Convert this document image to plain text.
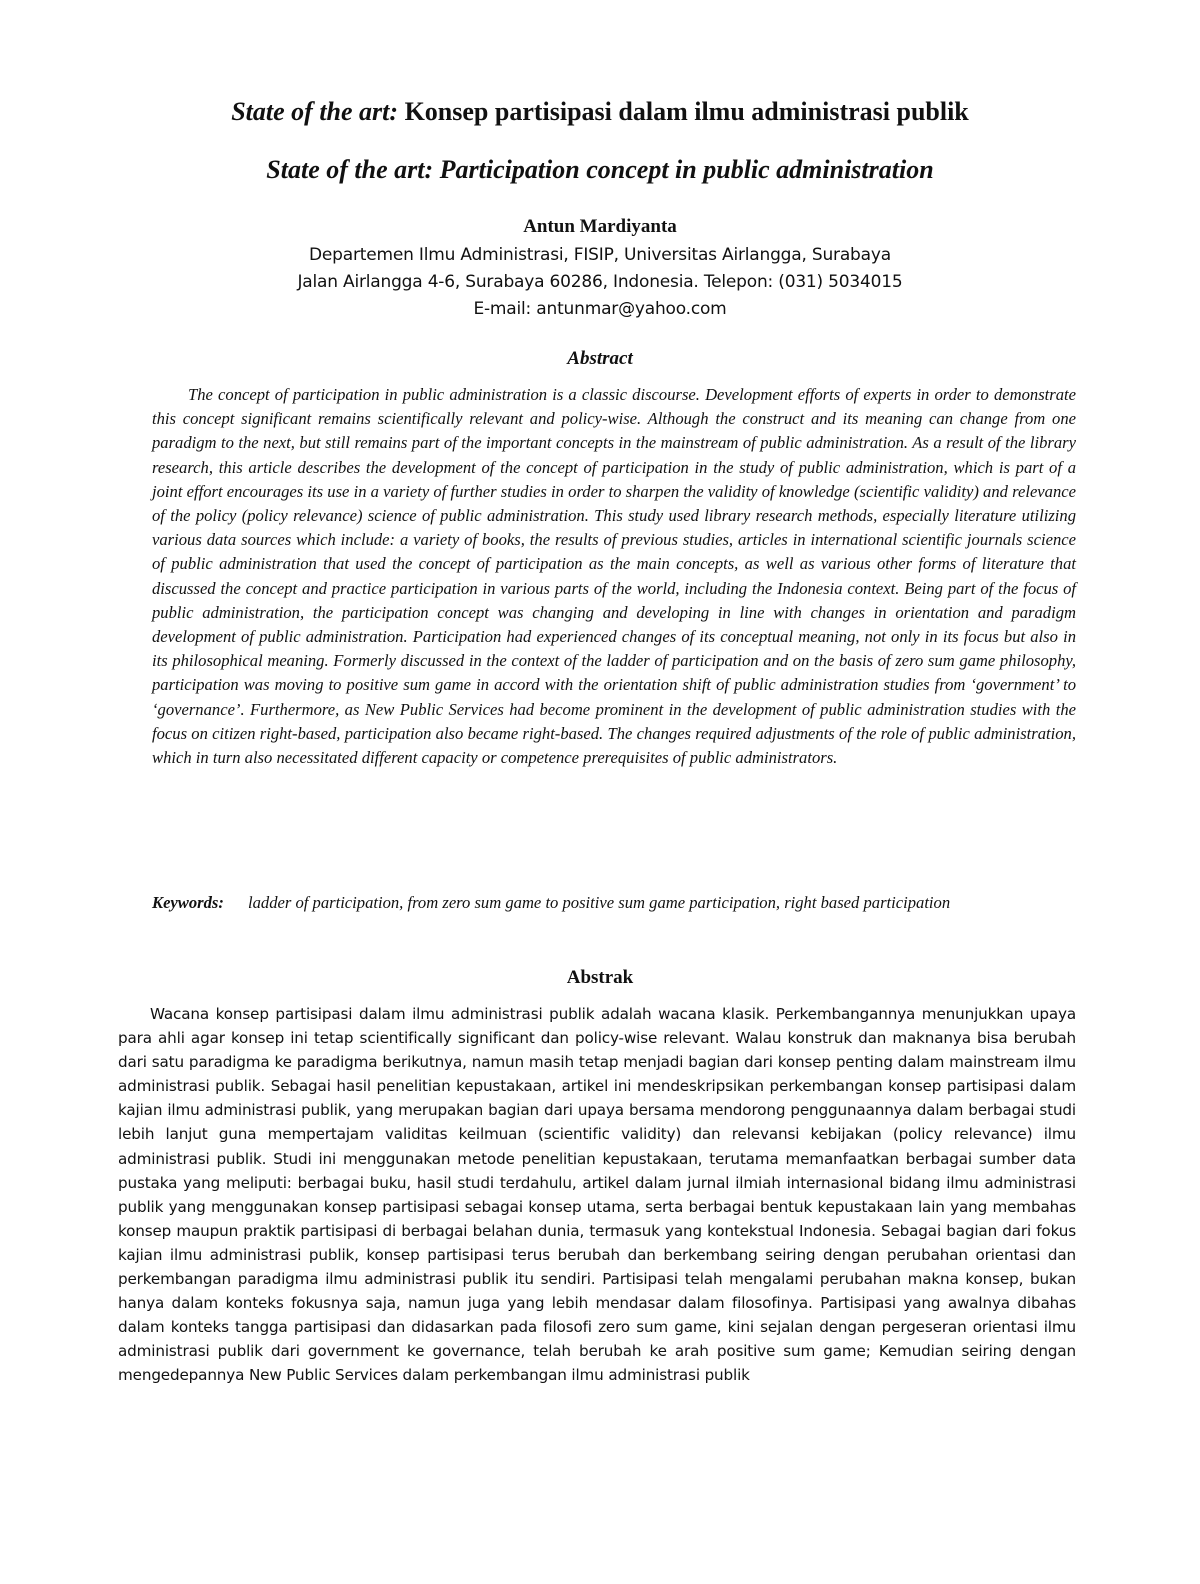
State of the art: Konsep partisipasi dalam ilmu administrasi publik
State of the art: Participation concept in public administration

Antun Mardiyanta

Departemen Ilmu Administrasi, FISIP, Universitas Airlangga, Surabaya

Jalan Airlangga 4-6, Surabaya 60286, Indonesia. Telepon: (031) 5034015

E-mail: antunmar@yahoo.com

Abstract

The concept of participation in public administration is a classic discourse. Development efforts of experts in order to demonstrate this concept significant remains scientifically relevant and policy-wise. Although the construct and its meaning can change from one paradigm to the next, but still remains part of the important concepts in the mainstream of public administration. As a result of the library research, this article describes the development of the concept of participation in the study of public administration, which is part of a joint effort encourages its use in a variety of further studies in order to sharpen the validity of knowledge (scientific validity) and relevance of the policy (policy relevance) science of public administration. This study used library research methods, especially literature utilizing various data sources which include: a variety of books, the results of previous studies, articles in international scientific journals science of public administration that used the concept of participation as the main concepts, as well as various other forms of literature that discussed the concept and practice participation in various parts of the world, including the Indonesia context. Being part of the focus of public administration, the participation concept was changing and developing in line with changes in orientation and paradigm development of public administration. Participation had experienced changes of its conceptual meaning, not only in its focus but also in its philosophical meaning. Formerly discussed in the context of the ladder of participation and on the basis of zero sum game philosophy, participation was moving to positive sum game in accord with the orientation shift of public administration studies from ‘government’ to ‘governance’. Furthermore, as New Public Services had become prominent in the development of public administration studies with the focus on citizen right-based, participation also became right-based. The changes required adjustments of the role of public administration, which in turn also necessitated different capacity or competence prerequisites of public administrators.

Keywords:	ladder of participation, from zero sum game to positive sum game participation, right based participation
Abstrak

Wacana konsep partisipasi dalam ilmu administrasi publik adalah wacana klasik. Perkembangannya menunjukkan upaya para ahli agar konsep ini tetap scientifically significant dan policy-wise relevant. Walau konstruk dan maknanya bisa berubah dari satu paradigma ke paradigma berikutnya, namun masih tetap menjadi bagian dari konsep penting dalam mainstream ilmu administrasi publik. Sebagai hasil penelitian kepustakaan, artikel ini mendeskripsikan perkembangan konsep partisipasi dalam kajian ilmu administrasi publik, yang merupakan bagian dari upaya bersama mendorong penggunaannya dalam berbagai studi lebih lanjut guna mempertajam validitas keilmuan (scientific validity) dan relevansi kebijakan (policy relevance) ilmu administrasi publik. Studi ini menggunakan metode penelitian kepustakaan, terutama memanfaatkan berbagai sumber data pustaka yang meliputi: berbagai buku, hasil studi terdahulu, artikel dalam jurnal ilmiah internasional bidang ilmu administrasi publik yang menggunakan konsep partisipasi sebagai konsep utama, serta berbagai bentuk kepustakaan lain yang membahas konsep maupun praktik partisipasi di berbagai belahan dunia, termasuk yang kontekstual Indonesia. Sebagai bagian dari fokus kajian ilmu administrasi publik, konsep partisipasi terus berubah dan berkembang seiring dengan perubahan orientasi dan perkembangan paradigma ilmu administrasi publik itu sendiri. Partisipasi telah mengalami perubahan makna konsep, bukan hanya dalam konteks fokusnya saja, namun juga yang lebih mendasar dalam filosofinya. Partisipasi yang awalnya dibahas dalam konteks tangga partisipasi dan didasarkan pada filosofi zero sum game, kini sejalan dengan pergeseran orientasi ilmu administrasi publik dari government ke governance, telah berubah ke arah positive sum game; Kemudian seiring dengan mengedepannya New Public Services dalam perkembangan ilmu administrasi publik
